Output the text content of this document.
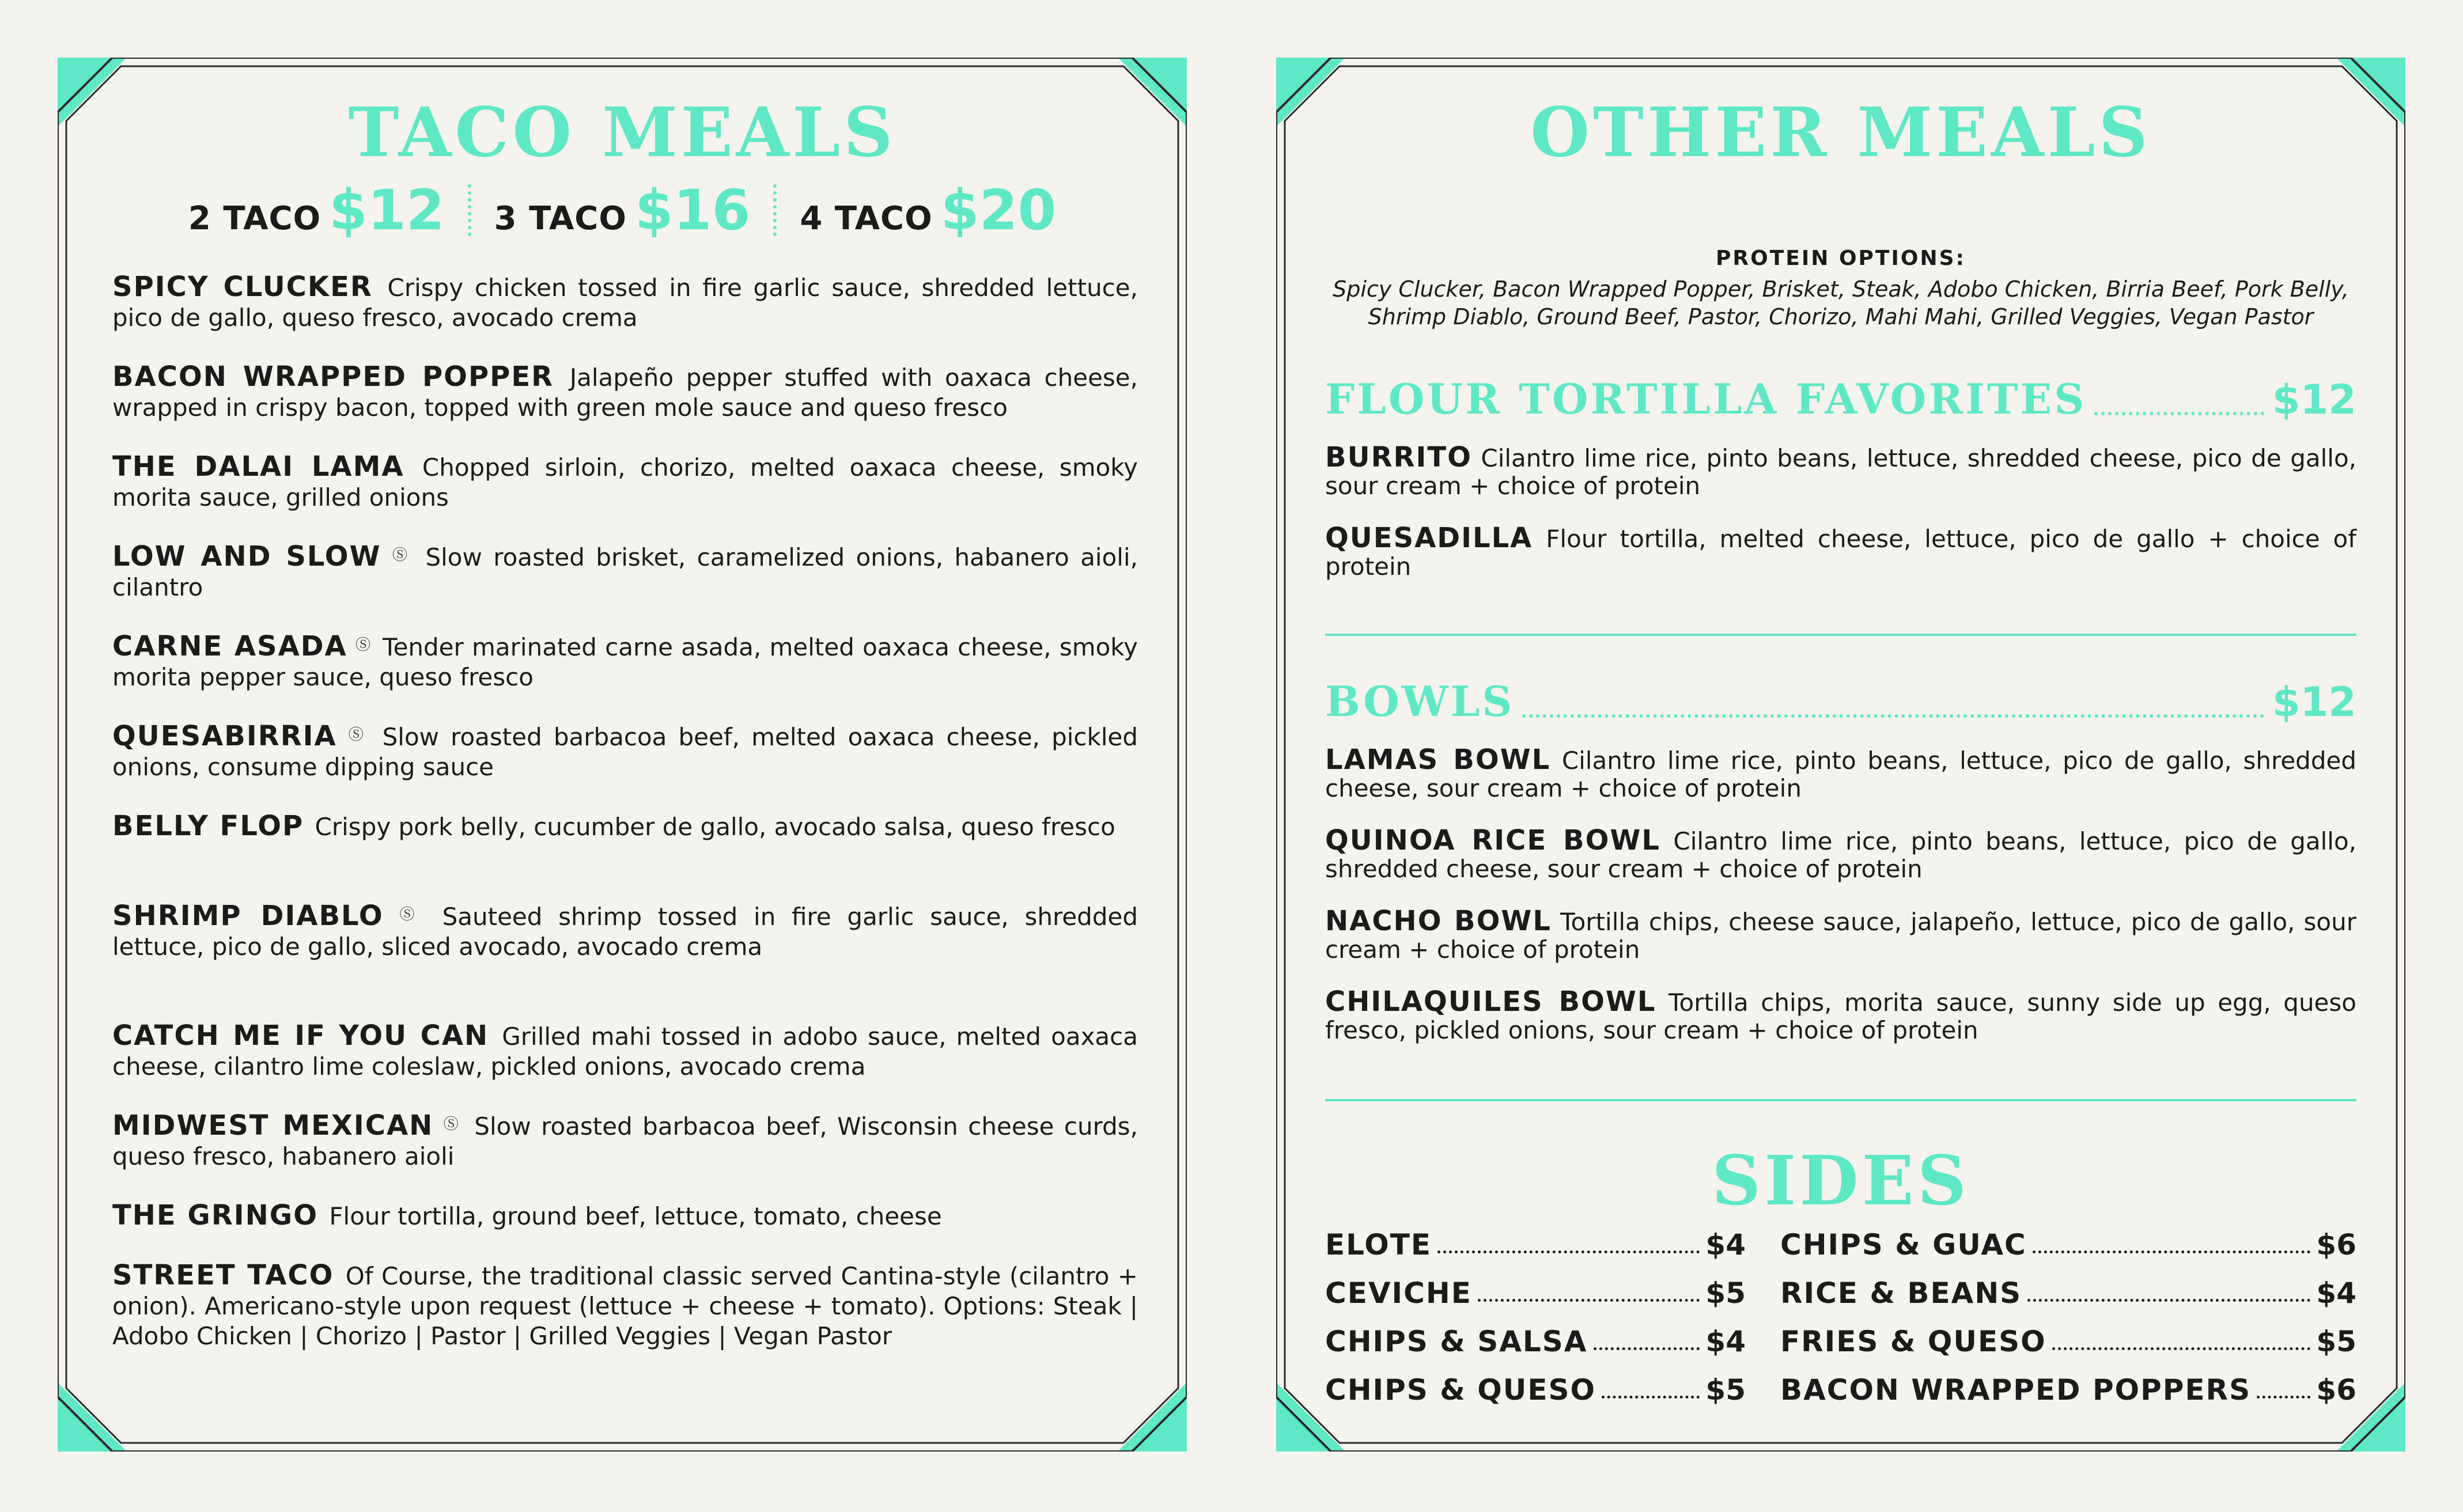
TACO MEALS
2 TACO $12 3 TACO $16 4 TACO $20
SPICY CLUCKER Crispy chicken tossed in fire garlic sauce, shredded lettuce, pico de gallo, queso fresco, avocado crema
BACON WRAPPED POPPER Jalapeño pepper stuffed with oaxaca cheese, wrapped in crispy bacon, topped with green mole sauce and queso fresco
THE DALAI LAMA Chopped sirloin, chorizo, melted oaxaca cheese, smoky morita sauce, grilled onions
LOW AND SLOW Ⓢ Slow roasted brisket, caramelized onions, habanero aioli, cilantro
CARNE ASADA Ⓢ Tender marinated carne asada, melted oaxaca cheese, smoky morita pepper sauce, queso fresco
QUESABIRRIA Ⓢ Slow roasted barbacoa beef, melted oaxaca cheese, pickled onions, consume dipping sauce
BELLY FLOP Crispy pork belly, cucumber de gallo, avocado salsa, queso fresco
SHRIMP DIABLO Ⓢ Sauteed shrimp tossed in fire garlic sauce, shredded lettuce, pico de gallo, sliced avocado, avocado crema
CATCH ME IF YOU CAN Grilled mahi tossed in adobo sauce, melted oaxaca cheese, cilantro lime coleslaw, pickled onions, avocado crema
MIDWEST MEXICAN Ⓢ Slow roasted barbacoa beef, Wisconsin cheese curds, queso fresco, habanero aioli
THE GRINGO Flour tortilla, ground beef, lettuce, tomato, cheese
STREET TACO Of Course, the traditional classic served Cantina-style (cilantro + onion). Americano-style upon request (lettuce + cheese + tomato). Options: Steak | Adobo Chicken | Chorizo | Pastor | Grilled Veggies | Vegan Pastor
OTHER MEALS
PROTEIN OPTIONS:
Spicy Clucker, Bacon Wrapped Popper, Brisket, Steak, Adobo Chicken, Birria Beef, Pork Belly, Shrimp Diablo, Ground Beef, Pastor, Chorizo, Mahi Mahi, Grilled Veggies, Vegan Pastor
FLOUR TORTILLA FAVORITES	$12
BURRITO Cilantro lime rice, pinto beans, lettuce, shredded cheese, pico de gallo, sour cream + choice of protein
QUESADILLA Flour tortilla, melted cheese, lettuce, pico de gallo + choice of protein
BOWLS	$12
LAMAS BOWL Cilantro lime rice, pinto beans, lettuce, pico de gallo, shredded cheese, sour cream + choice of protein
QUINOA RICE BOWL Cilantro lime rice, pinto beans, lettuce, pico de gallo, shredded cheese, sour cream + choice of protein
NACHO BOWL Tortilla chips, cheese sauce, jalapeño, lettuce, pico de gallo, sour cream + choice of protein
CHILAQUILES BOWL Tortilla chips, morita sauce, sunny side up egg, queso fresco, pickled onions, sour cream + choice of protein
SIDES
ELOTE	$4
CEVICHE	$5
CHIPS & SALSA	$4
CHIPS & QUESO	$5
CHIPS & GUAC	$6
RICE & BEANS	$4
FRIES & QUESO	$5
BACON WRAPPED POPPERS $6
